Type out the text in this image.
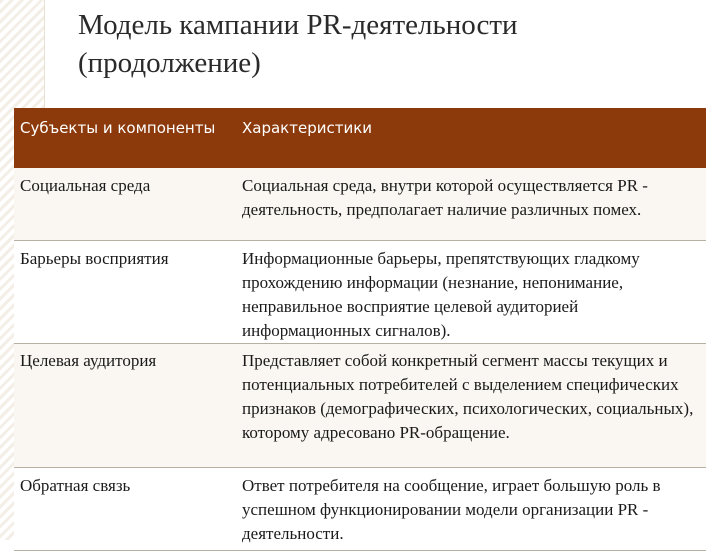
Модель кампании PR-деятельности (продолжение)
Субъекты и компоненты	Характеристики
Социальная среда	Социальная среда, внутри которой осуществляется PR - деятельность, предполагает наличие различных помех.
Барьеры восприятия	Информационные барьеры, препятствующих гладкому прохождению информации (незнание, непонимание, неправильное восприятие целевой аудиторией информационных сигналов).
Целевая аудитория	Представляет собой конкретный сегмент массы текущих и потенциальных потребителей с выделением специфических признаков (демографических, психологических, социальных), которому адресовано PR-обращение.
Обратная связь	Ответ потребителя на сообщение, играет большую роль в успешном функционировании модели организации PR - деятельности.
